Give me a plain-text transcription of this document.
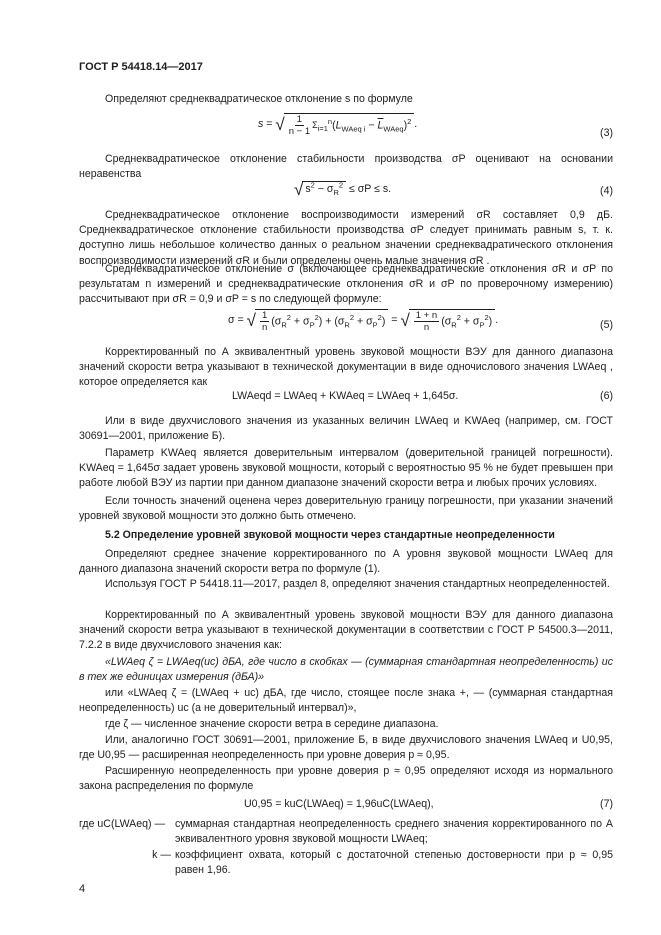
ГОСТ Р 54418.14—2017

Определяют среднеквадратическое отклонение s по формуле

s = √ $\frac{1}{n - 1} \Sigma_{i=1}^n(L_{WAeq i} - \overline{L}_{WAeq})^2$ .
(3)

Среднеквадратическое отклонение стабильности производства σP оценивают на основании неравенства

√ $s^2 - \sigma_R^2$
≤ σP ≤ s.	(4)

Среднеквадратическое отклонение воспроизводимости измерений σR составляет 0,9 дБ. Среднеквадратическое отклонение стабильности производства σP следует принимать равным s, т. к. доступно лишь небольшое количество данных о реальном значении среднеквадратического отклонения воспроизводимости измерений σR и были определены очень малые значения σR .

Среднеквадратическое отклонение σ (включающее среднеквадратические отклонения σR и σP по результатам n измерений и среднеквадратические отклонения σR и σP по проверочному измерению) рассчитывают при σR = 0,9 и σP = s по следующей формуле:

σ = √ $\frac{1}{n} (\sigma_R^2 + \sigma_P^2) + (\sigma_R^2 + \sigma_P^2)$ = √ $\frac{1 + n}{n} (\sigma_R^2 + \sigma_P^2)$ .	(5)

Корректированный по А эквивалентный уровень звуковой мощности ВЭУ для данного диапазона значений скорости ветра указывают в технической документации в виде одночислового значения LWAeq , которое определяется как

LWAeqd = LWAeq + KWAeq = LWAeq + 1,645σ.	(6)

Или в виде двухчислового значения из указанных величин LWAeq и KWAeq (например, см. ГОСТ 30691—2001, приложение Б).

Параметр KWAeq является доверительным интервалом (доверительной границей погрешности). KWAeq = 1,645σ задает уровень звуковой мощности, который с вероятностью 95 % не будет превышен при работе любой ВЭУ из партии при данном диапазоне значений скорости ветра и любых прочих условиях.

Если точность значений оценена через доверительную границу погрешности, при указании значений уровней звуковой мощности это должно быть отмечено.

5.2 Определение уровней звуковой мощности через стандартные неопределенности

Определяют среднее значение корректированного по А уровня звуковой мощности LWAeq для данного диапазона значений скорости ветра по формуле (1).

Используя ГОСТ Р 54418.11—2017, раздел 8, определяют значения стандартных неопределенностей.

Корректированный по А эквивалентный уровень звуковой мощности ВЭУ для данного диапазона значений скорости ветра указывают в технической документации в соответствии с ГОСТ Р 54500.3—2011, 7.2.2 в виде двухчислового значения как:

«LWAeq ζ = LWAeq(uc) дБА, где число в скобках — (суммарная стандартная неопределенность) uc в тех же единицах измерения (дБА)»

или «LWAeq ζ = (LWAeq + uc) дБА, где число, стоящее после знака +, — (суммарная стандартная неопределенность) uc (а не доверительный интервал)»,

где ζ — численное значение скорости ветра в середине диапазона.

Или, аналогично ГОСТ 30691—2001, приложение Б, в виде двухчислового значения LWAeq и U0,95, где U0,95 — расширенная неопределенность при уровне доверия p ≈ 0,95.

Расширенную неопределенность при уровне доверия p ≈ 0,95 определяют исходя из нормального закона распределения по формуле

U0,95 = kuC(LWAeq) = 1,96uC(LWAeq),	(7)
где uC(LWAeq) — суммарная стандартная неопределенность среднего значения корректированного по А эквивалентного уровня звуковой мощности LWAeq;
k — коэффициент охвата, который с достаточной степенью достоверности при p ≈ 0,95 равен 1,96.
4
